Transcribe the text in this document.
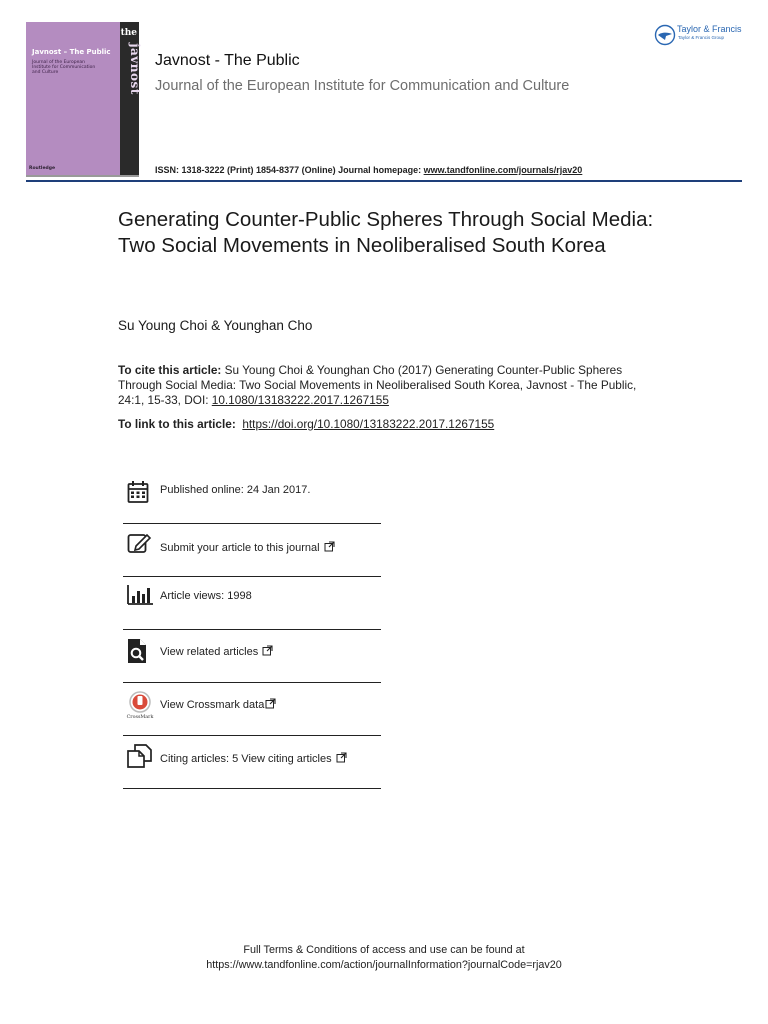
the
javnost
Javnost – The Public
Journal of the European Institute for Communication and Culture
Routledge
Javnost - The Public
Journal of the European Institute for Communication and Culture
Taylor & Francis
Taylor & Francis Group
ISSN: 1318-3222 (Print) 1854-8377 (Online) Journal homepage: www.tandfonline.com/journals/rjav20
Generating Counter-Public Spheres Through Social Media: Two Social Movements in Neoliberalised South Korea
Su Young Choi & Younghan Cho
To cite this article: Su Young Choi & Younghan Cho (2017) Generating Counter-Public Spheres Through Social Media: Two Social Movements in Neoliberalised South Korea, Javnost - The Public, 24:1, 15-33, DOI: 10.1080/13183222.2017.1267155
To link to this article: https://doi.org/10.1080/13183222.2017.1267155
Published online: 24 Jan 2017.
Submit your article to this journal
Article views: 1998
View related articles
CrossMark
View Crossmark data
Citing articles: 5 View citing articles
Full Terms & Conditions of access and use can be found at
https://www.tandfonline.com/action/journalInformation?journalCode=rjav20
